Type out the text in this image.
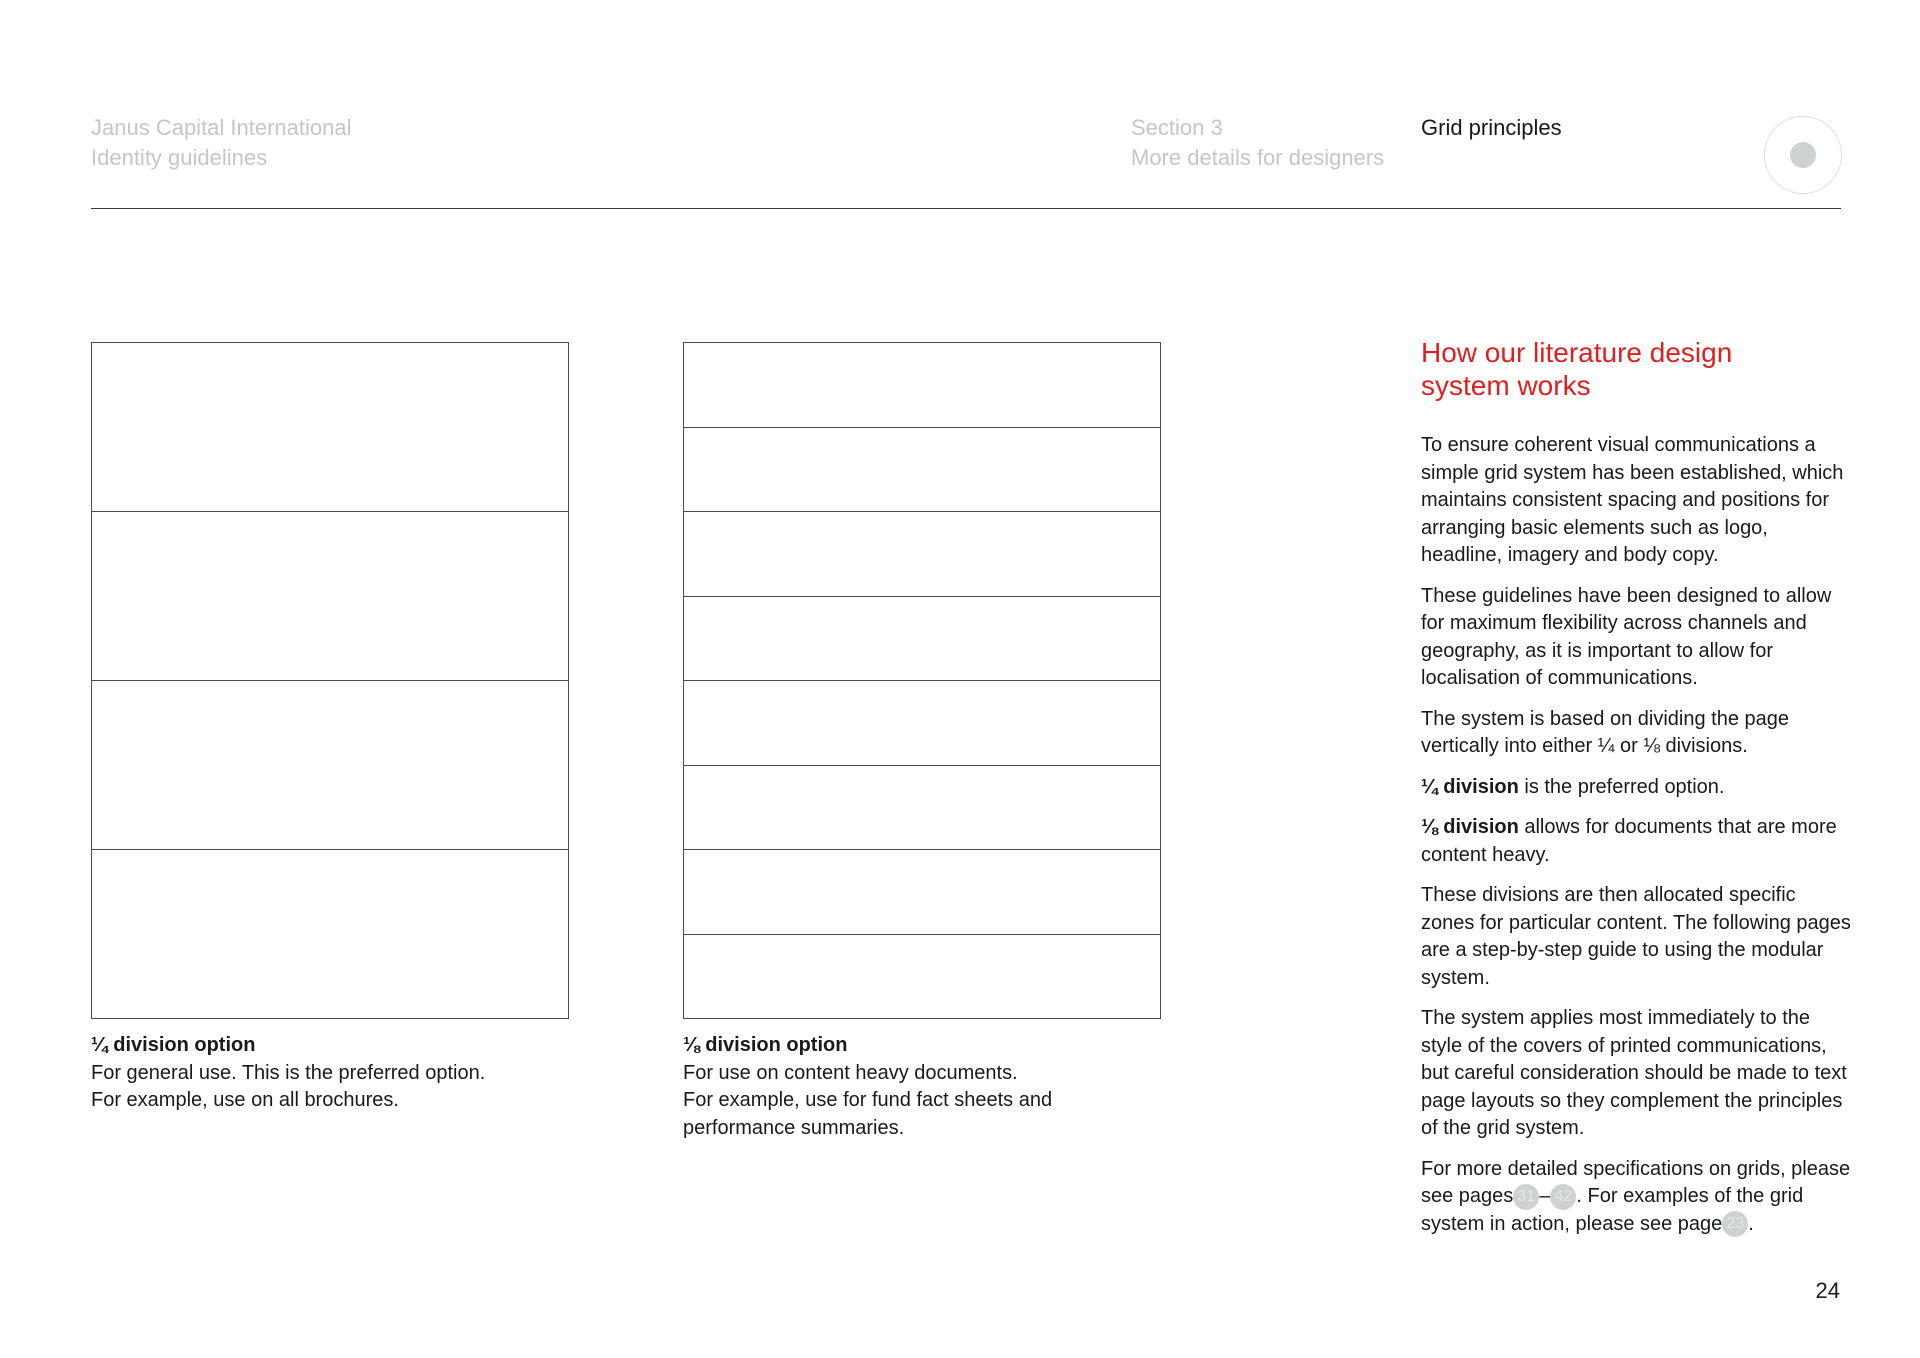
Janus Capital International
Identity guidelines
Section 3
More details for designers
Grid principles
¼ division option
For general use. This is the preferred option.
For example, use on all brochures.
⅛ division option
For use on content heavy documents.
For example, use for fund fact sheets and
performance summaries.
How our literature design
system works

To ensure coherent visual communications a simple grid system has been established, which maintains consistent spacing and positions for arranging basic elements such as logo, headline, imagery and body copy.

These guidelines have been designed to allow for maximum flexibility across channels and geography, as it is important to allow for localisation of communications.

The system is based on dividing the page vertically into either ¼ or ⅛ divisions.

¼ division is the preferred option.

⅛ division allows for documents that are more content heavy.

These divisions are then allocated specific zones for particular content. The following pages are a step-by-step guide to using the modular system.

The system applies most immediately to the style of the covers of printed communications, but careful consideration should be made to text page layouts so they complement the principles of the grid system.

For more detailed specifications on grids, please see pages 31 – 42 . For examples of the grid system in action, please see page 23 .

24
